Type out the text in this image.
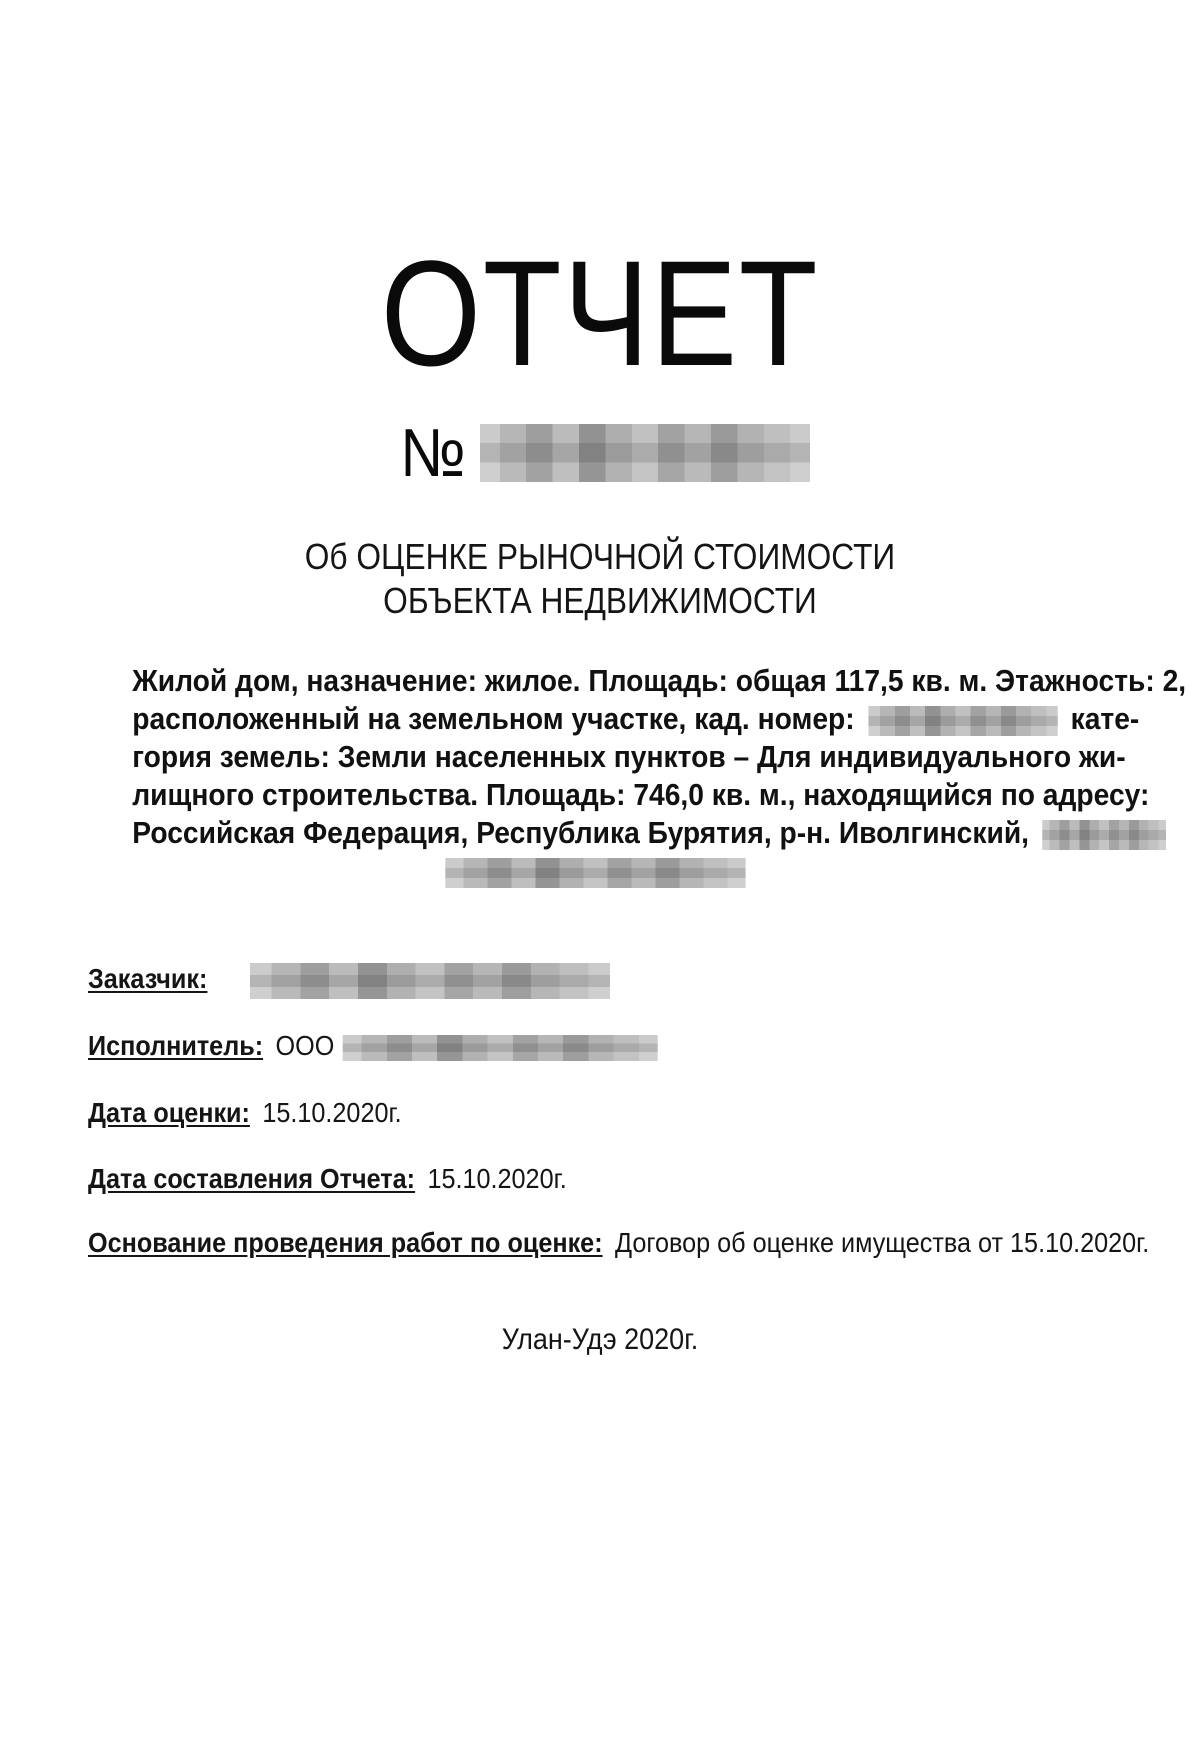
ОТЧЕТ
№
Об ОЦЕНКЕ РЫНОЧНОЙ СТОИМОСТИ
ОБЪЕКТА НЕДВИЖИМОСТИ
Жилой дом, назначение: жилое. Площадь: общая 117,5 кв. м. Этажность: 2,
расположенный на земельном участке, кад. номер:	кате-
гория земель: Земли населенных пунктов – Для индивидуального жи-
лищного строительства. Площадь: 746,0 кв. м., находящийся по адресу:
Российская Федерация, Республика Бурятия, р-н. Иволгинский,
Заказчик:
Исполнитель: ООО
Дата оценки: 15.10.2020г.
Дата составления Отчета: 15.10.2020г.
Основание проведения работ по оценке: Договор об оценке имущества от 15.10.2020г.
Улан-Удэ 2020г.
